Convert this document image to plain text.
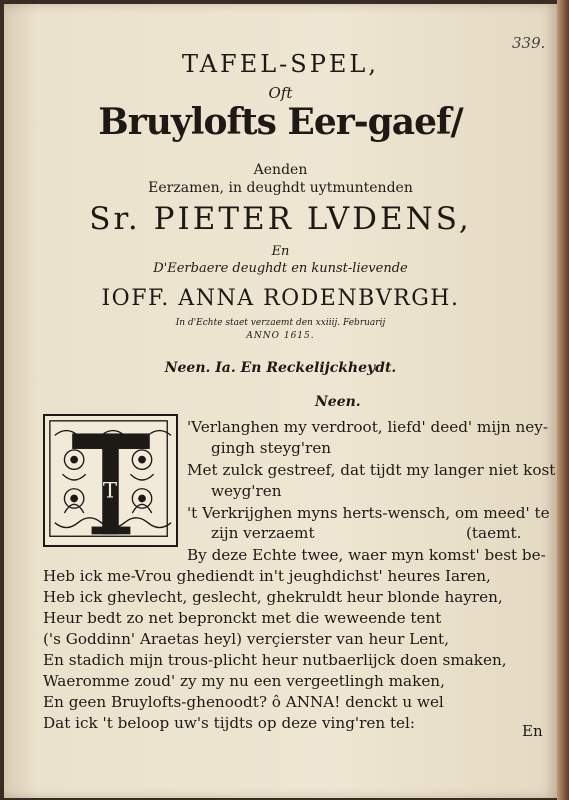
339.
TAFEL-SPEL,
Oft
Bruylofts Eer-gaef/
Aenden
Eerzamen, in deughdt uytmuntenden
Sr. PIETER LVDENS,
En
D'Eerbaere deughdt en kunst-lievende
IOFF. ANNA RODENBVRGH.
In d'Echte staet verzaemt den xxiiij. Februarij
ANNO 1615.
Neen. Ia. En Reckelijckheydt.
Neen.
T
'Verlanghen my verdroot, liefd' deed' mijn ney-
gingh steyg'ren
Met zulck gestreef, dat tijdt my langer niet kost
weyg'ren
't Verkrijghen myns herts-wensch, om meed' te
zijn verzaemt	(taemt.
By deze Echte twee, waer myn komst' best be-
Heb ick me-Vrou ghediendt in't jeughdichst' heures Iaren,
Heb ick ghevlecht, geslecht, ghekruldt heur blonde hayren,
Heur bedt zo net bepronckt met die weweende tent
('s Goddinn' Araetas heyl) verçierster van heur Lent,
En stadich mijn trous-plicht heur nutbaerlijck doen smaken,
Waeromme zoud' zy my nu een vergeetlingh maken,
En geen Bruylofts-ghenoodt? ô ANNA! denckt u wel
Dat ick 't beloop uw's tijdts op deze ving'ren tel:	En
